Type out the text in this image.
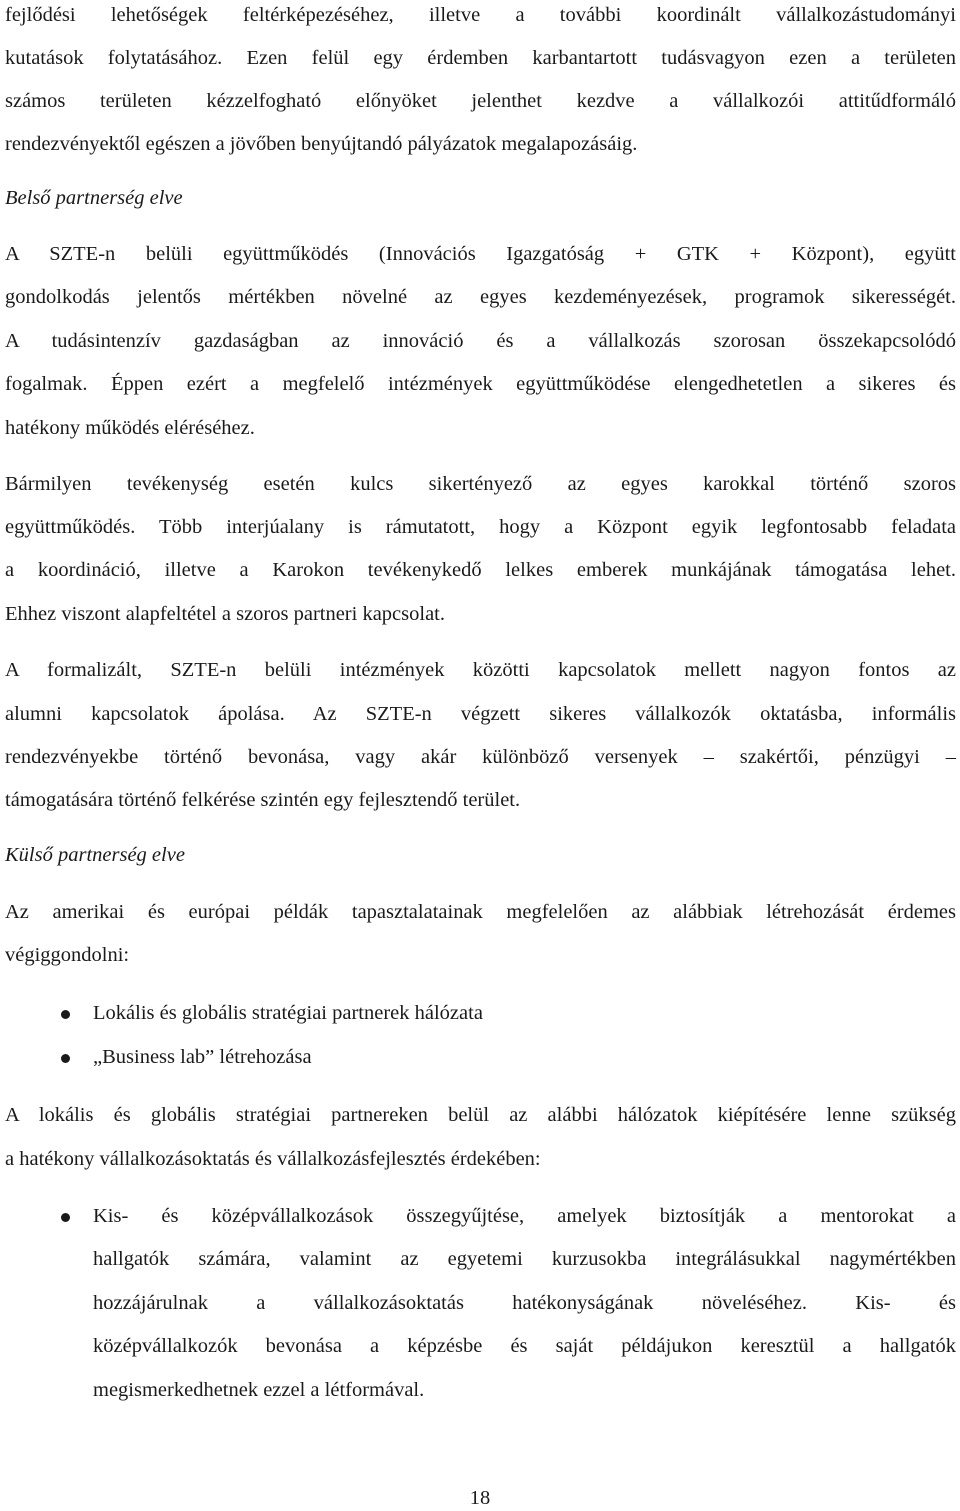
fejlődési lehetőségek feltérképezéséhez, illetve a további koordinált vállalkozástudományi
kutatások folytatásához. Ezen felül egy érdemben karbantartott tudásvagyon ezen a területen
számos területen kézzelfogható előnyöket jelenthet kezdve a vállalkozói attitűdformáló
rendezvényektől egészen a jövőben benyújtandó pályázatok megalapozásáig.
Belső partnerség elve
A SZTE-n belüli együttműködés (Innovációs Igazgatóság + GTK + Központ), együtt
gondolkodás jelentős mértékben növelné az egyes kezdeményezések, programok sikerességét.
A tudásintenzív gazdaságban az innováció és a vállalkozás szorosan összekapcsolódó
fogalmak. Éppen ezért a megfelelő intézmények együttműködése elengedhetetlen a sikeres és
hatékony működés eléréséhez.
Bármilyen tevékenység esetén kulcs sikertényező az egyes karokkal történő szoros
együttműködés. Több interjúalany is rámutatott, hogy a Központ egyik legfontosabb feladata
a koordináció, illetve a Karokon tevékenykedő lelkes emberek munkájának támogatása lehet.
Ehhez viszont alapfeltétel a szoros partneri kapcsolat.
A formalizált, SZTE-n belüli intézmények közötti kapcsolatok mellett nagyon fontos az
alumni kapcsolatok ápolása. Az SZTE-n végzett sikeres vállalkozók oktatásba, informális
rendezvényekbe történő bevonása, vagy akár különböző versenyek – szakértői, pénzügyi –
támogatására történő felkérése szintén egy fejlesztendő terület.
Külső partnerség elve
Az amerikai és európai példák tapasztalatainak megfelelően az alábbiak létrehozását érdemes
végiggondolni:
Lokális és globális stratégiai partnerek hálózata
„Business lab” létrehozása
A lokális és globális stratégiai partnereken belül az alábbi hálózatok kiépítésére lenne szükség
a hatékony vállalkozásoktatás és vállalkozásfejlesztés érdekében:
Kis- és középvállalkozások összegyűjtése, amelyek biztosítják a mentorokat a
hallgatók számára, valamint az egyetemi kurzusokba integrálásukkal nagymértékben
hozzájárulnak a vállalkozásoktatás hatékonyságának növeléséhez. Kis- és
középvállalkozók bevonása a képzésbe és saját példájukon keresztül a hallgatók
megismerkedhetnek ezzel a létformával.
18
